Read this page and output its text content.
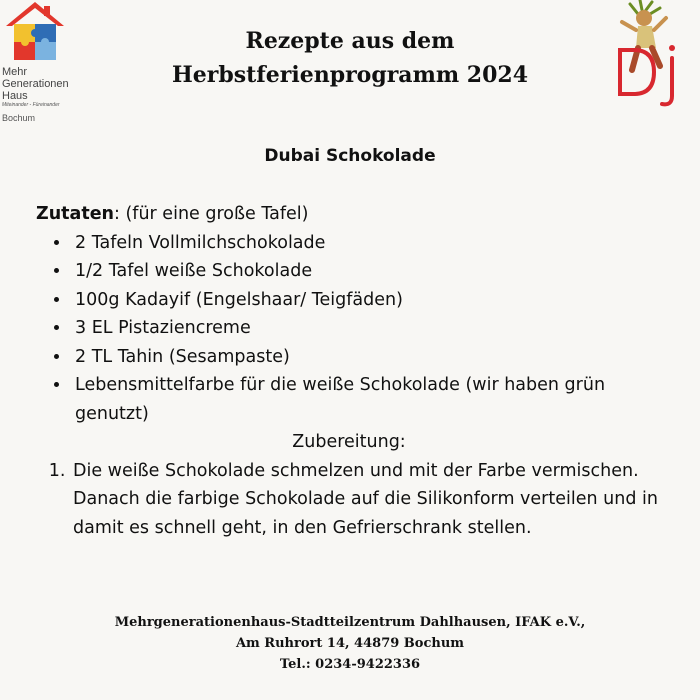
Mehr
Generationen
Haus
Miteinander - Füreinander
Bochum
Rezepte aus dem
Herbstferienprogramm 2024
Dubai Schokolade

Zutaten: (für eine große Tafel)

• 2 Tafeln Vollmilchschokolade
• 1/2 Tafel weiße Schokolade
• 100g Kadayif (Engelshaar/ Teigfäden)
• 3 EL Pistaziencreme
• 2 TL Tahin (Sesampaste)
• Lebensmittelfarbe für die weiße Schokolade (wir haben grün genutzt)

Zubereitung:

1. Die weiße Schokolade schmelzen und mit der Farbe vermischen. Danach die farbige Schokolade auf die Silikonform verteilen und in damit es schnell geht, in den Gefrierschrank stellen.
Mehrgenerationenhaus-Stadtteilzentrum Dahlhausen, IFAK e.V.,
Am Ruhrort 14, 44879 Bochum
Tel.: 0234-9422336
